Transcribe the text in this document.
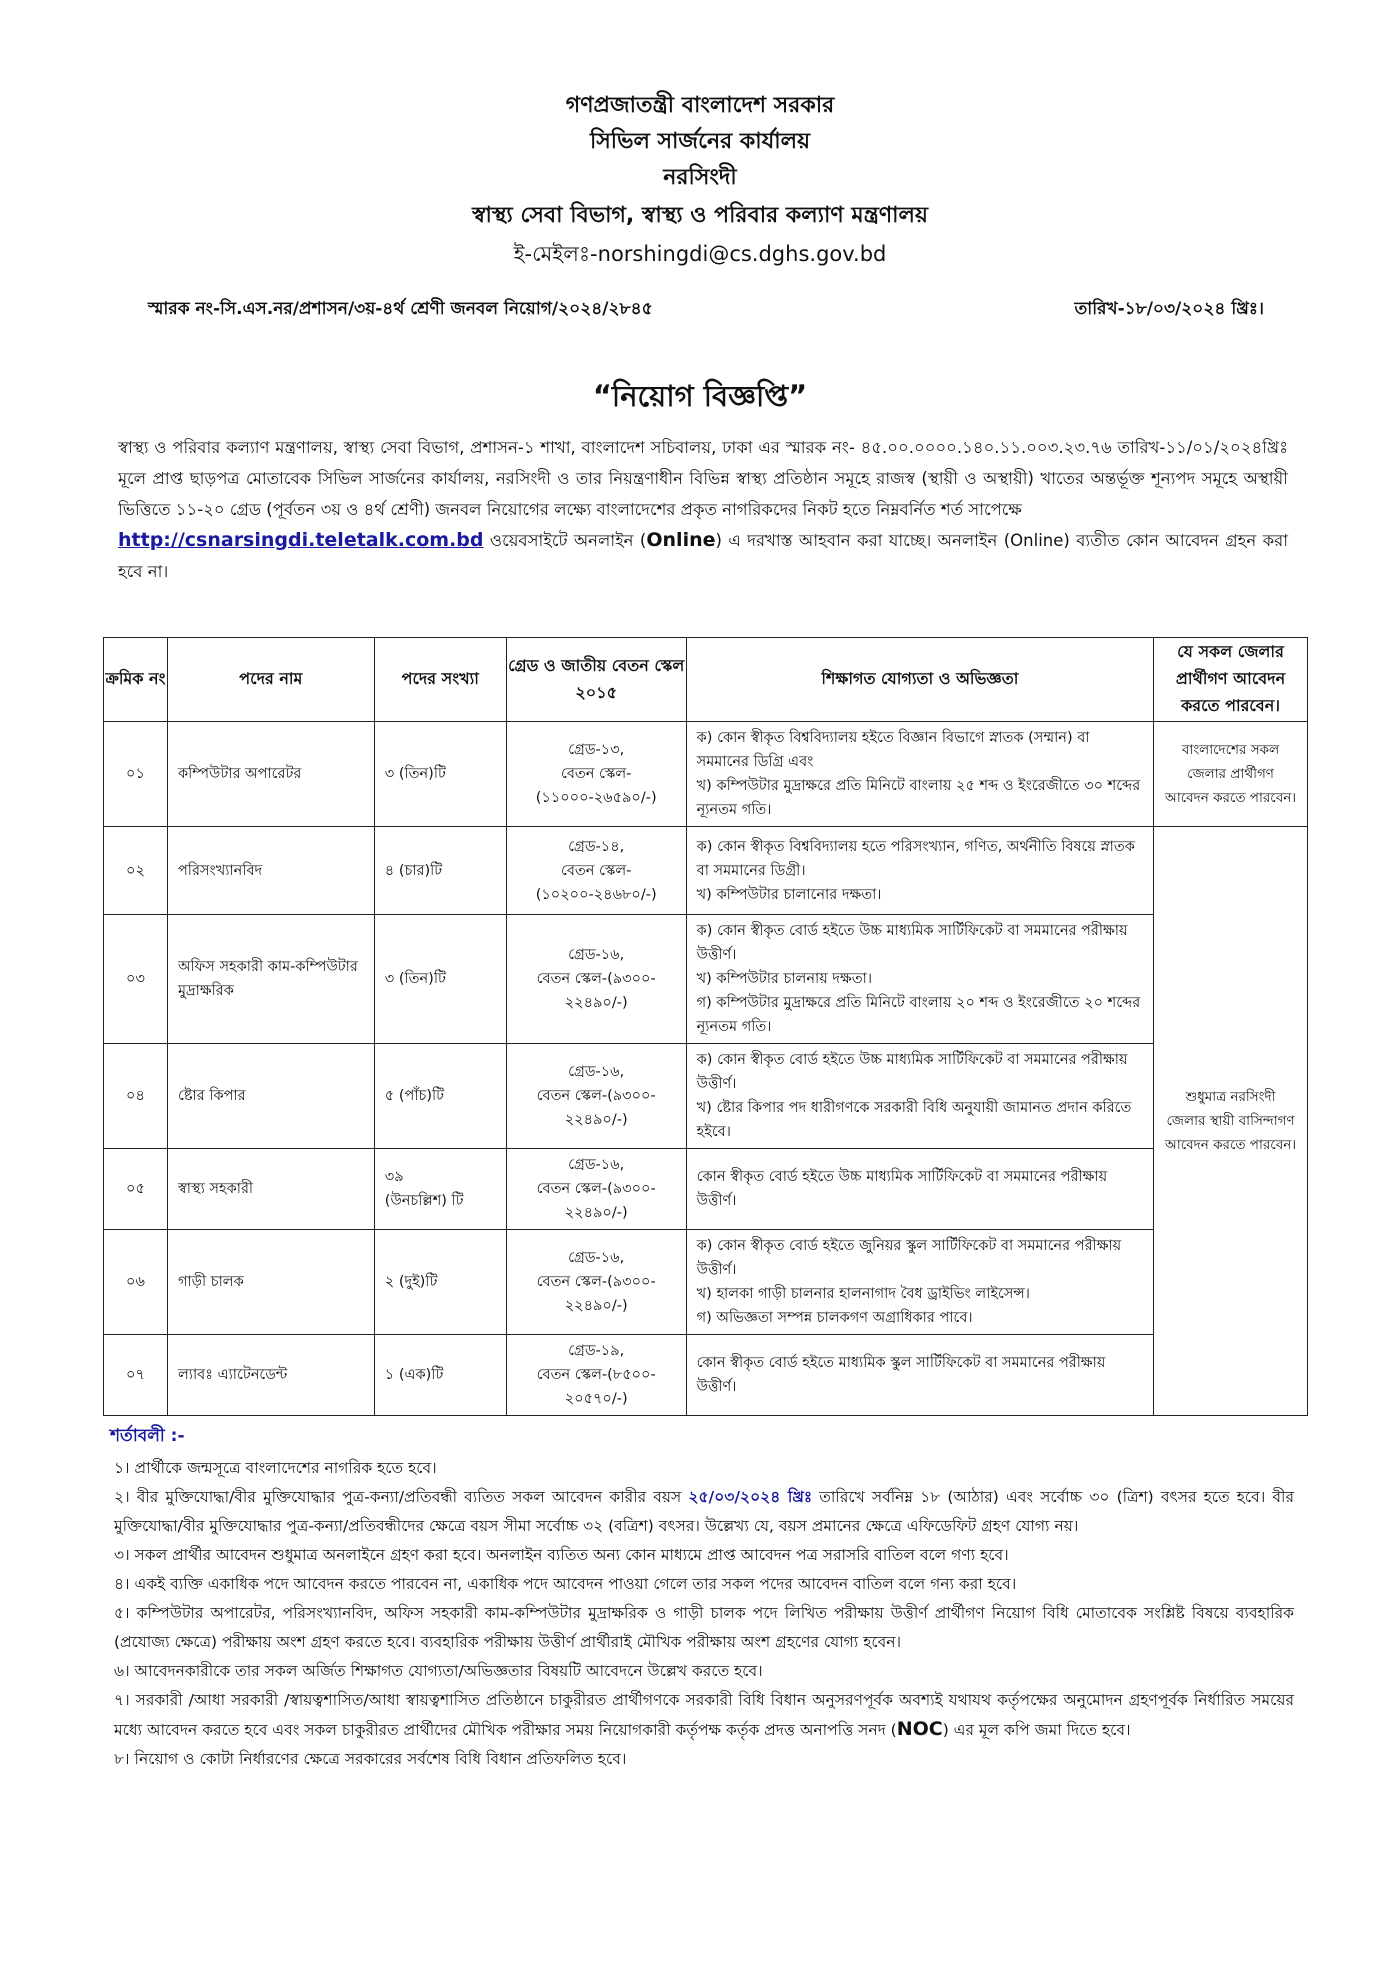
গণপ্রজাতন্ত্রী বাংলাদেশ সরকার
সিভিল সার্জনের কার্যালয়
নরসিংদী
স্বাস্থ্য সেবা বিভাগ, স্বাস্থ্য ও পরিবার কল্যাণ মন্ত্রণালয়
ই-মেইলঃ-norshingdi@cs.dghs.gov.bd
স্মারক নং-সি.এস.নর/প্রশাসন/৩য়-৪র্থ শ্রেণী জনবল নিয়োগ/২০২৪/২৮৪৫	তারিখ-১৮/০৩/২০২৪ খ্রিঃ।
“নিয়োগ বিজ্ঞপ্তি”
স্বাস্থ্য ও পরিবার কল্যাণ মন্ত্রণালয়, স্বাস্থ্য সেবা বিভাগ, প্রশাসন-১ শাখা, বাংলাদেশ সচিবালয়, ঢাকা এর স্মারক নং- ৪৫.০০.০০০০.১৪০.১১.০০৩.২৩.৭৬ তারিখ-১১/০১/২০২৪খ্রিঃ মূলে প্রাপ্ত ছাড়পত্র মোতাবেক সিভিল সার্জনের কার্যালয়, নরসিংদী ও তার নিয়ন্ত্রণাধীন বিভিন্ন স্বাস্থ্য প্রতিষ্ঠান সমূহে রাজস্ব (স্থায়ী ও অস্থায়ী) খাতের অন্তর্ভূক্ত শূন্যপদ সমূহে অস্থায়ী ভিত্তিতে ১১-২০ গ্রেড (পূর্বতন ৩য় ও ৪র্থ শ্রেণী) জনবল নিয়োগের লক্ষ্যে বাংলাদেশের প্রকৃত নাগরিকদের নিকট হতে নিম্নবর্নিত শর্ত সাপেক্ষে
http://csnarsingdi.teletalk.com.bd ওয়েবসাইটে অনলাইন (Online) এ দরখাস্ত আহবান করা যাচ্ছে। অনলাইন (Online) ব্যতীত কোন আবেদন গ্রহন করা হবে না।
ক্রমিক নং	পদের নাম	পদের সংখ্যা	গ্রেড ও জাতীয় বেতন স্কেল ২০১৫	শিক্ষাগত যোগ্যতা ও অভিজ্ঞতা	যে সকল জেলার প্রার্থীগণ আবেদন করতে পারবেন।
০১	কম্পিউটার অপারেটর	৩ (তিন)টি	গ্রেড-১৩,
বেতন স্কেল-
(১১০০০-২৬৫৯০/-)	ক) কোন স্বীকৃত বিশ্ববিদ্যালয় হইতে বিজ্ঞান বিভাগে স্নাতক (সম্মান) বা সমমানের ডিগ্রি এবং
খ) কম্পিউটার মুদ্রাক্ষরে প্রতি মিনিটে বাংলায় ২৫ শব্দ ও ইংরেজীতে ৩০ শব্দের ন্যূনতম গতি।	বাংলাদেশের সকল জেলার প্রার্থীগণ আবেদন করতে পারবেন।
০২	পরিসংখ্যানবিদ	৪ (চার)টি	গ্রেড-১৪,
বেতন স্কেল-
(১০২০০-২৪৬৮০/-)	ক) কোন স্বীকৃত বিশ্ববিদ্যালয় হতে পরিসংখ্যান, গণিত, অর্থনীতি বিষয়ে স্নাতক বা সমমানের ডিগ্রী।
খ) কম্পিউটার চালানোর দক্ষতা।	শুধুমাত্র নরসিংদী জেলার স্থায়ী বাসিন্দাগণ আবেদন করতে পারবেন।
০৩	অফিস সহকারী কাম-কম্পিউটার মুদ্রাক্ষরিক	৩ (তিন)টি	গ্রেড-১৬,
বেতন স্কেল-(৯৩০০-
২২৪৯০/-)	ক) কোন স্বীকৃত বোর্ড হইতে উচ্চ মাধ্যমিক সার্টিফিকেট বা সমমানের পরীক্ষায় উত্তীর্ণ।
খ) কম্পিউটার চালনায় দক্ষতা।
গ) কম্পিউটার মুদ্রাক্ষরে প্রতি মিনিটে বাংলায় ২০ শব্দ ও ইংরেজীতে ২০ শব্দের ন্যূনতম গতি।	
০৪	ষ্টোর কিপার	৫ (পাঁচ)টি	গ্রেড-১৬,
বেতন স্কেল-(৯৩০০-
২২৪৯০/-)	ক) কোন স্বীকৃত বোর্ড হইতে উচ্চ মাধ্যমিক সার্টিফিকেট বা সমমানের পরীক্ষায় উত্তীর্ণ।
খ) ষ্টোর কিপার পদ ধারীগণকে সরকারী বিধি অনুযায়ী জামানত প্রদান করিতে হইবে।	
০৫	স্বাস্থ্য সহকারী	৩৯
(উনচল্লিশ) টি	গ্রেড-১৬,
বেতন স্কেল-(৯৩০০-
২২৪৯০/-)	কোন স্বীকৃত বোর্ড হইতে উচ্চ মাধ্যমিক সার্টিফিকেট বা সমমানের পরীক্ষায় উত্তীর্ণ।	
০৬	গাড়ী চালক	২ (দুই)টি	গ্রেড-১৬,
বেতন স্কেল-(৯৩০০-
২২৪৯০/-)	ক) কোন স্বীকৃত বোর্ড হইতে জুনিয়র স্কুল সার্টিফিকেট বা সমমানের পরীক্ষায় উত্তীর্ণ।
খ) হালকা গাড়ী চালনার হালনাগাদ বৈধ ড্রাইভিং লাইসেন্স।
গ) অভিজ্ঞতা সম্পন্ন চালকগণ অগ্রাধিকার পাবে।	
০৭	ল্যাবঃ এ্যাটেনডেন্ট	১ (এক)টি	গ্রেড-১৯,
বেতন স্কেল-(৮৫০০-
২০৫৭০/-)	কোন স্বীকৃত বোর্ড হইতে মাধ্যমিক স্কুল সার্টিফিকেট বা সমমানের পরীক্ষায় উত্তীর্ণ।	
শর্তাবলী :-

১। প্রার্থীকে জন্মসূত্রে বাংলাদেশের নাগরিক হতে হবে।

২। বীর মুক্তিযোদ্ধা/বীর মুক্তিযোদ্ধার পুত্র-কন্যা/প্রতিবন্ধী ব্যতিত সকল আবেদন কারীর বয়স ২৫/০৩/২০২৪ খ্রিঃ তারিখে সর্বনিম্ন ১৮ (আঠার) এবং সর্বোচ্চ ৩০ (ত্রিশ) বৎসর হতে হবে। বীর মুক্তিযোদ্ধা/বীর মুক্তিযোদ্ধার পুত্র-কন্যা/প্রতিবন্ধীদের ক্ষেত্রে বয়স সীমা সর্বোচ্চ ৩২ (বত্রিশ) বৎসর। উল্লেখ্য যে, বয়স প্রমানের ক্ষেত্রে এফিডেফিট গ্রহণ যোগ্য নয়।

৩। সকল প্রার্থীর আবেদন শুধুমাত্র অনলাইনে গ্রহণ করা হবে। অনলাইন ব্যতিত অন্য কোন মাধ্যমে প্রাপ্ত আবেদন পত্র সরাসরি বাতিল বলে গণ্য হবে।

৪। একই ব্যক্তি একাধিক পদে আবেদন করতে পারবেন না, একাধিক পদে আবেদন পাওয়া গেলে তার সকল পদের আবেদন বাতিল বলে গন্য করা হবে।

৫। কম্পিউটার অপারেটর, পরিসংখ্যানবিদ, অফিস সহকারী কাম-কম্পিউটার মুদ্রাক্ষরিক ও গাড়ী চালক পদে লিখিত পরীক্ষায় উত্তীর্ণ প্রার্থীগণ নিয়োগ বিধি মোতাবেক সংশ্লিষ্ট বিষয়ে ব্যবহারিক (প্রযোজ্য ক্ষেত্রে) পরীক্ষায় অংশ গ্রহণ করতে হবে। ব্যবহারিক পরীক্ষায় উত্তীর্ণ প্রার্থীরাই মৌখিক পরীক্ষায় অংশ গ্রহণের যোগ্য হবেন।

৬। আবেদনকারীকে তার সকল অর্জিত শিক্ষাগত যোগ্যতা/অভিজ্ঞতার বিষয়টি আবেদনে উল্লেখ করতে হবে।

৭। সরকারী /আধা সরকারী /স্বায়ত্বশাসিত/আধা স্বায়ত্বশাসিত প্রতিষ্ঠানে চাকুরীরত প্রার্থীগণকে সরকারী বিধি বিধান অনুসরণপূর্বক অবশ্যই যথাযথ কর্তৃপক্ষের অনুমোদন গ্রহণপূর্বক নির্ধারিত সময়ের মধ্যে আবেদন করতে হবে এবং সকল চাকুরীরত প্রার্থীদের মৌখিক পরীক্ষার সময় নিয়োগকারী কর্তৃপক্ষ কর্তৃক প্রদত্ত অনাপত্তি সনদ (NOC) এর মূল কপি জমা দিতে হবে।

৮। নিয়োগ ও কোটা নির্ধারণের ক্ষেত্রে সরকারের সর্বশেষ বিধি বিধান প্রতিফলিত হবে।
